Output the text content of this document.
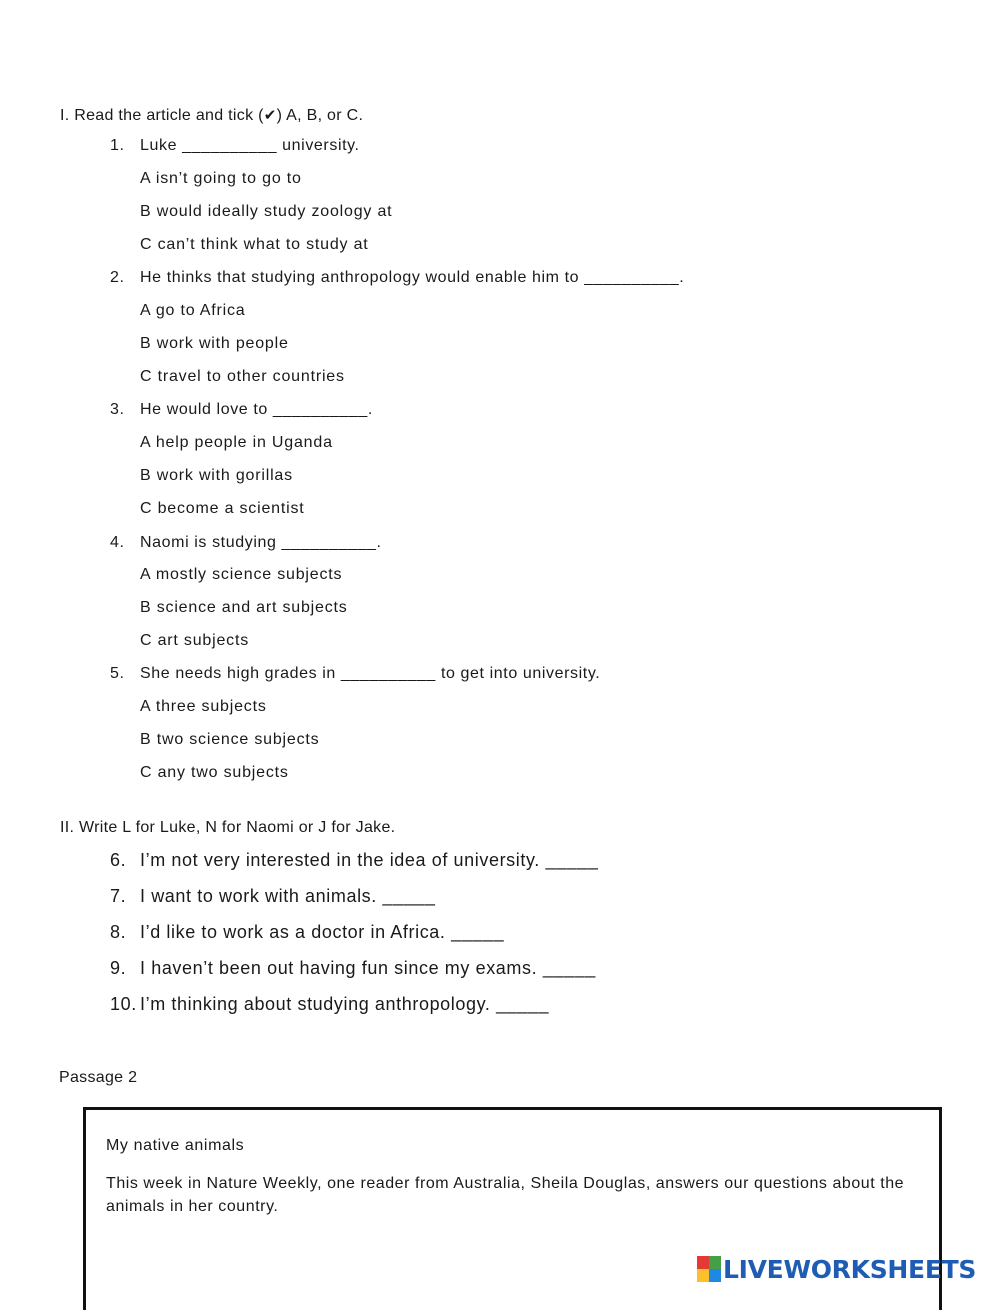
I. Read the article and tick (✔) A, B, or C.
1. Luke __________ university.
A isn’t going to go to
B would ideally study zoology at
C can’t think what to study at
2. He thinks that studying anthropology would enable him to __________.
A go to Africa
B work with people
C travel to other countries
3. He would love to __________.
A help people in Uganda
B work with gorillas
C become a scientist
4. Naomi is studying __________.
A mostly science subjects
B science and art subjects
C art subjects
5. She needs high grades in __________ to get into university.
A three subjects
B two science subjects
C any two subjects
II. Write L for Luke, N for Naomi or J for Jake.
6. I’m not very interested in the idea of university. _____
7. I want to work with animals. _____
8. I’d like to work as a doctor in Africa. _____
9. I haven’t been out having fun since my exams. _____
10. I’m thinking about studying anthropology. _____
Passage 2
My native animals
This week in Nature Weekly, one reader from Australia, Sheila Douglas, answers our questions about the animals in her country.
LIVEWORKSHEETS
